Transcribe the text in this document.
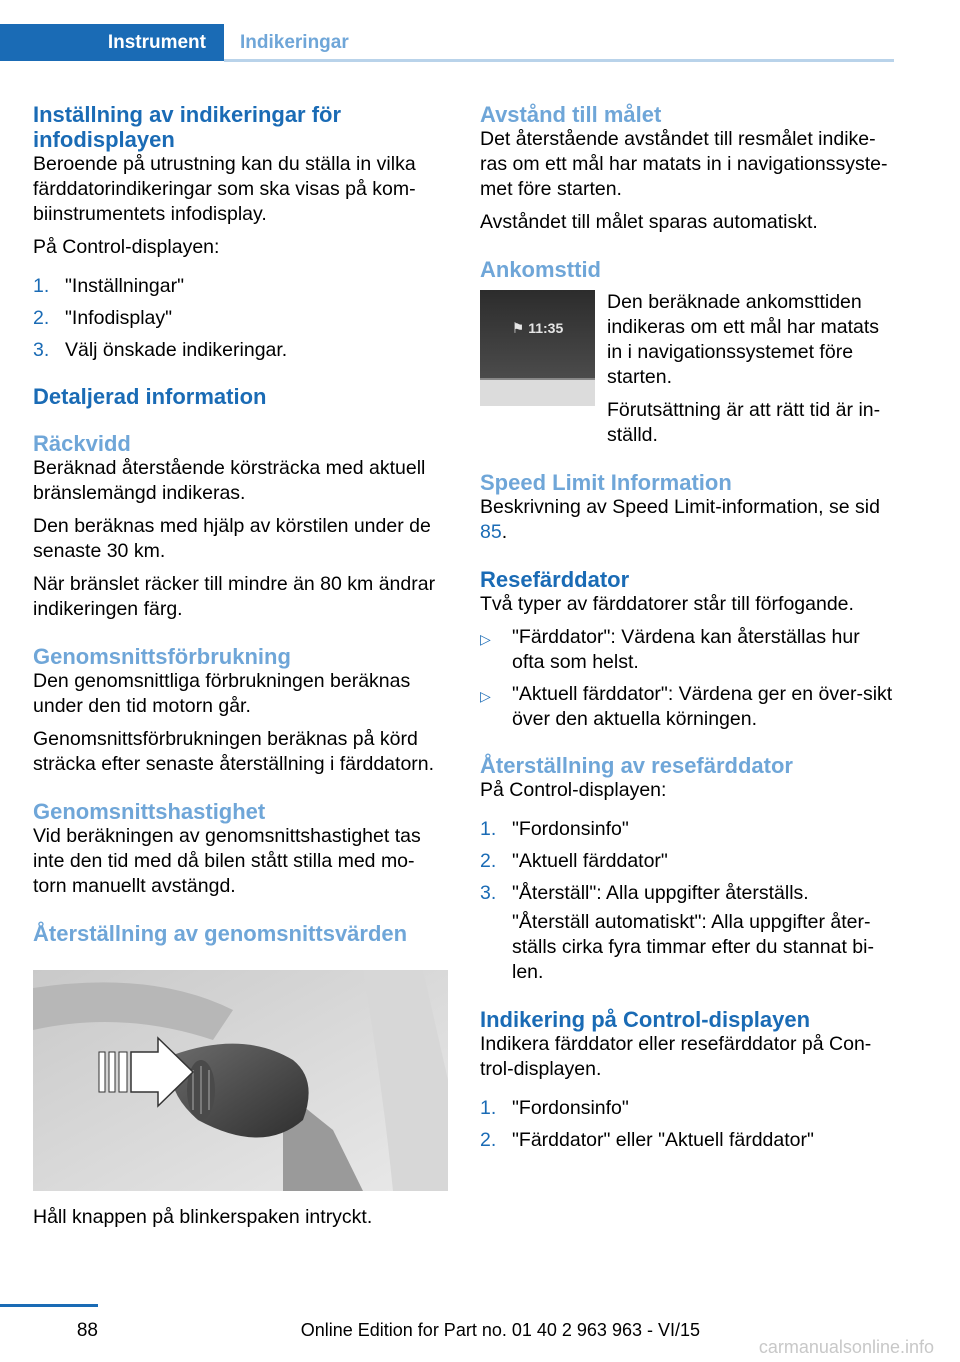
Instrument Indikeringar
Inställning av indikeringar för infodisplayen

Beroende på utrustning kan du ställa in vilka färddatorindikeringar som ska visas på kom‐biinstrumentets infodisplay.

På Control-displayen:

1. "Inställningar"
2. "Infodisplay"
3. Välj önskade indikeringar.
Detaljerad information
Räckvidd

Beräknad återstående körsträcka med aktuell bränslemängd indikeras.

Den beräknas med hjälp av körstilen under de senaste 30 km.

När bränslet räcker till mindre än 80 km ändrar indikeringen färg.

Genomsnittsförbrukning

Den genomsnittliga förbrukningen beräknas under den tid motorn går.

Genomsnittsförbrukningen beräknas på körd sträcka efter senaste återställning i färddatorn.

Genomsnittshastighet

Vid beräkningen av genomsnittshastighet tas inte den tid med då bilen stått stilla med mo‐torn manuellt avstängd.

Återställning av genomsnittsvärden

Håll knappen på blinkerspaken intryckt.

Avstånd till målet

Det återstående avståndet till resmålet indike‐ras om ett mål har matats in i navigationssyste‐met före starten.

Avståndet till målet sparas automatiskt.

Ankomsttid
⚑ 11:35

Den beräknade ankomsttiden indikeras om ett mål har matats in i navigationssystemet före starten.

Förutsättning är att rätt tid är in‐ställd.

Speed Limit Information

Beskrivning av Speed Limit-information, se sid 85.

Resefärddator

Två typer av färddatorer står till förfogande.

▷	"Färddator": Värdena kan återställas hur ofta som helst.
▷	"Aktuell färddator": Värdena ger en över‐sikt över den aktuella körningen.
Återställning av resefärddator

På Control-displayen:

1. "Fordonsinfo"
2. "Aktuell färddator"
3. "Återställ": Alla uppgifter återställs.

"Återställ automatiskt": Alla uppgifter åter‐ställs cirka fyra timmar efter du stannat bi‐len.

Indikering på Control-displayen

Indikera färddator eller resefärddator på Con‐trol-displayen.

1. "Fordonsinfo"
2. "Färddator" eller "Aktuell färddator"
88	Online Edition for Part no. 01 40 2 963 963 - VI/15
carmanualsonline.info
